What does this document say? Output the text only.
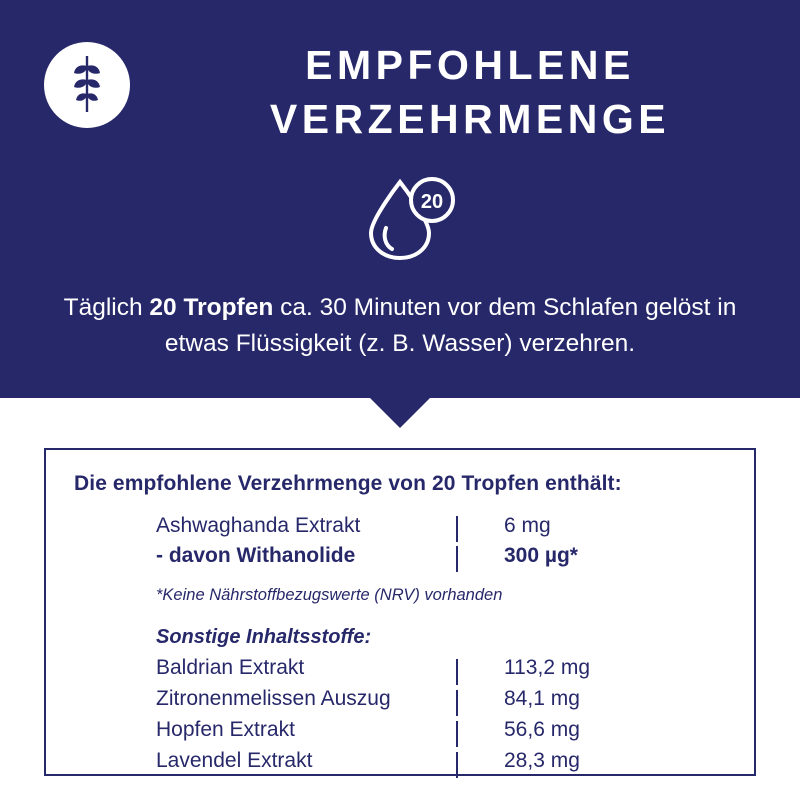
EMPFOHLENE VERZEHRMENGE
20
Täglich 20 Tropfen ca. 30 Minuten vor dem Schlafen gelöst in etwas Flüssigkeit (z. B. Wasser) verzehren.
Die empfohlene Verzehrmenge von 20 Tropfen enthält:
Ashwaghanda Extrakt	6 mg
- davon Withanolide	300 µg*
*Keine Nährstoffbezugswerte (NRV) vorhanden
Sonstige Inhaltsstoffe:
Baldrian Extrakt	113,2 mg
Zitronenmelissen Auszug	84,1 mg
Hopfen Extrakt	56,6 mg
Lavendel Extrakt	28,3 mg
